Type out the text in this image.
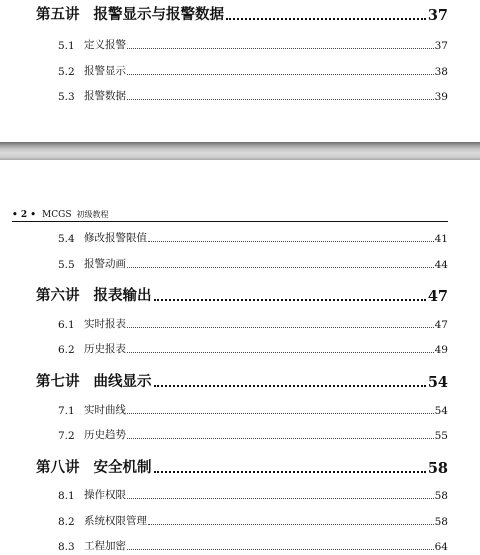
第五讲 报警显示与报警数据	37
5.1 定义报警	37
5.2 报警显示	38
5.3 报警数据	39
• 2 • MCGS 初级教程
5.4 修改报警限值	41
5.5 报警动画	44
第六讲 报表输出	47
6.1 实时报表	47
6.2 历史报表	49
第七讲 曲线显示	54
7.1 实时曲线	54
7.2 历史趋势	55
第八讲 安全机制	58
8.1 操作权限	58
8.2 系统权限管理	58
8.3 工程加密	64
